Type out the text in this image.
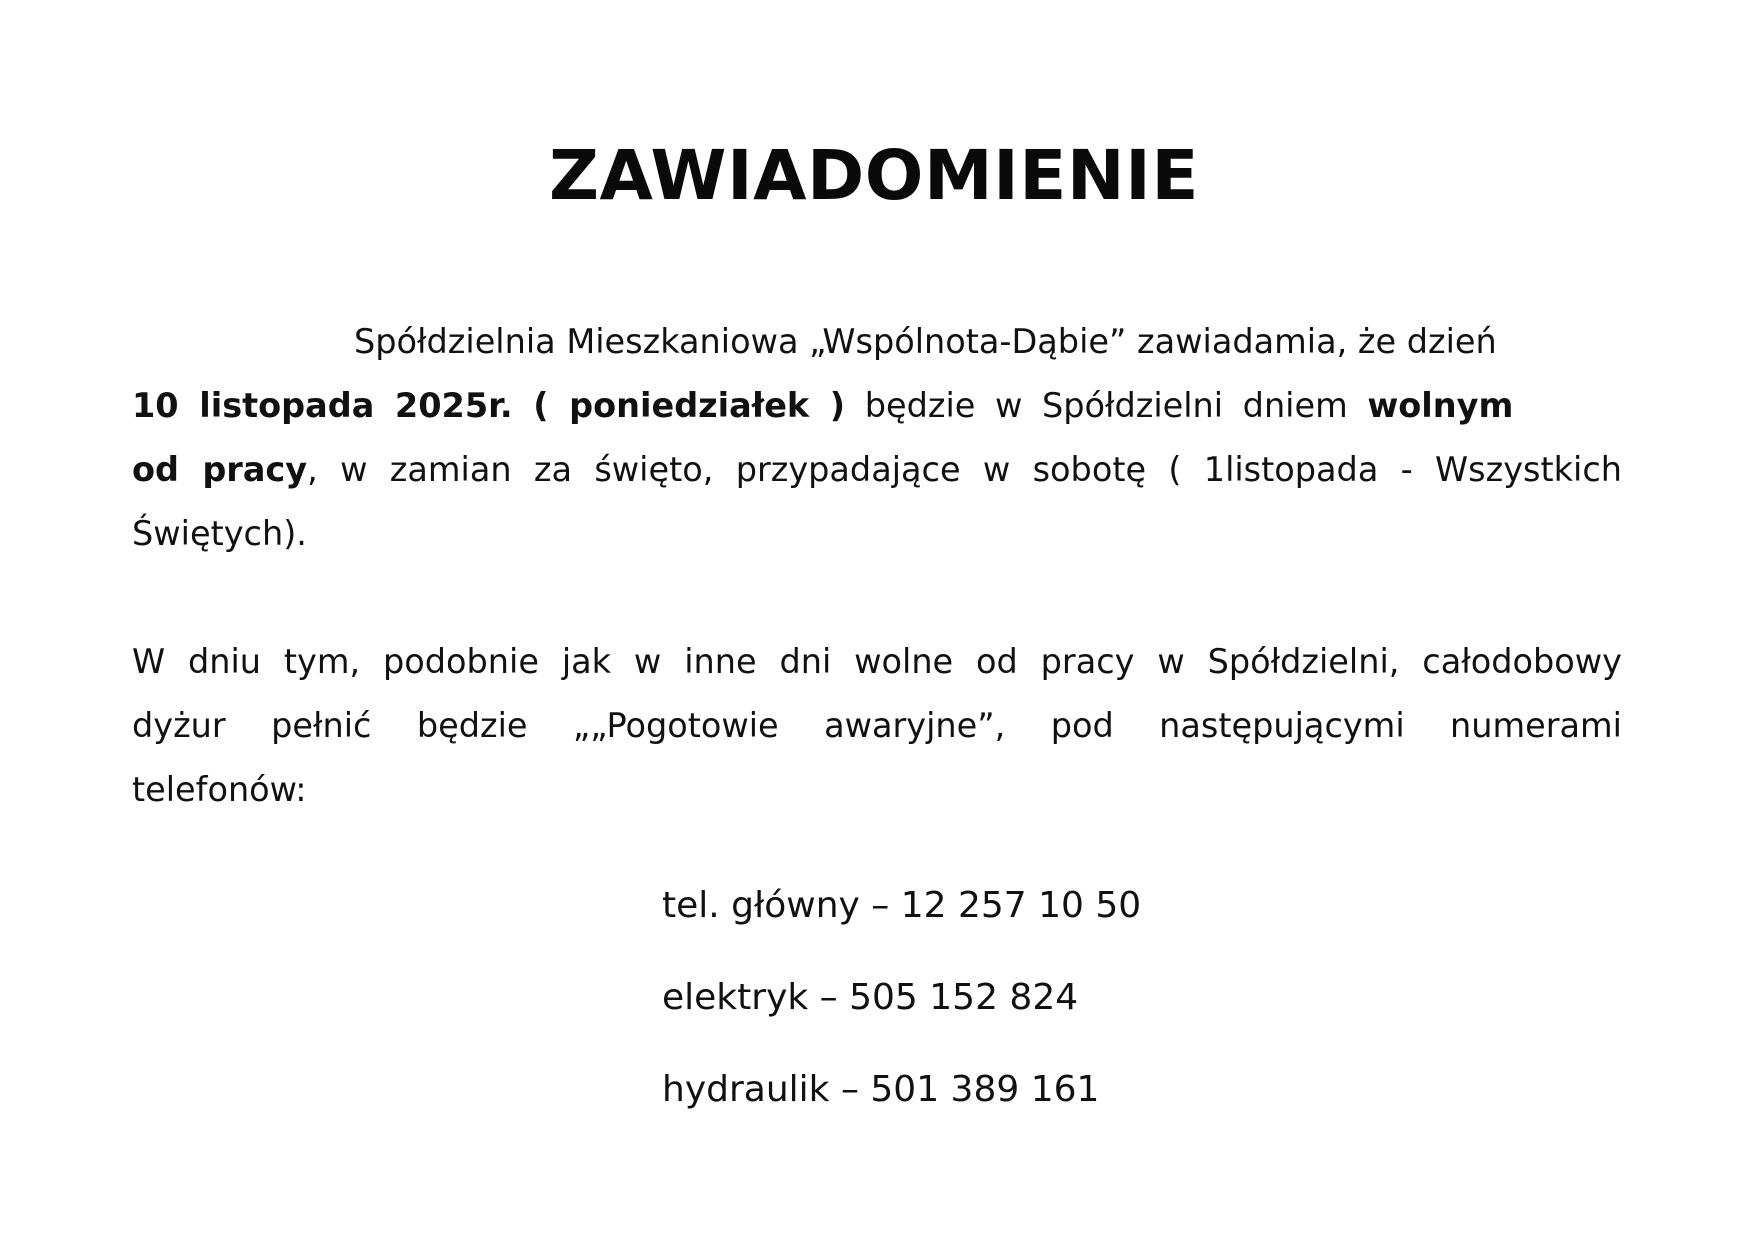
ZAWIADOMIENIE
Spółdzielnia Mieszkaniowa „Wspólnota-Dąbie” zawiadamia, że dzień
10 listopada 2025r. ( poniedziałek ) będzie w Spółdzielni dniem wolnym
od pracy, w zamian za święto, przypadające w sobotę ( 1listopada - Wszystkich
Świętych).
W dniu tym, podobnie jak w inne dni wolne od pracy w Spółdzielni, całodobowy
dyżur pełnić będzie „„Pogotowie awaryjne”, pod następującymi numerami
telefonów:
tel. główny – 12 257 10 50
elektryk – 505 152 824
hydraulik – 501 389 161
